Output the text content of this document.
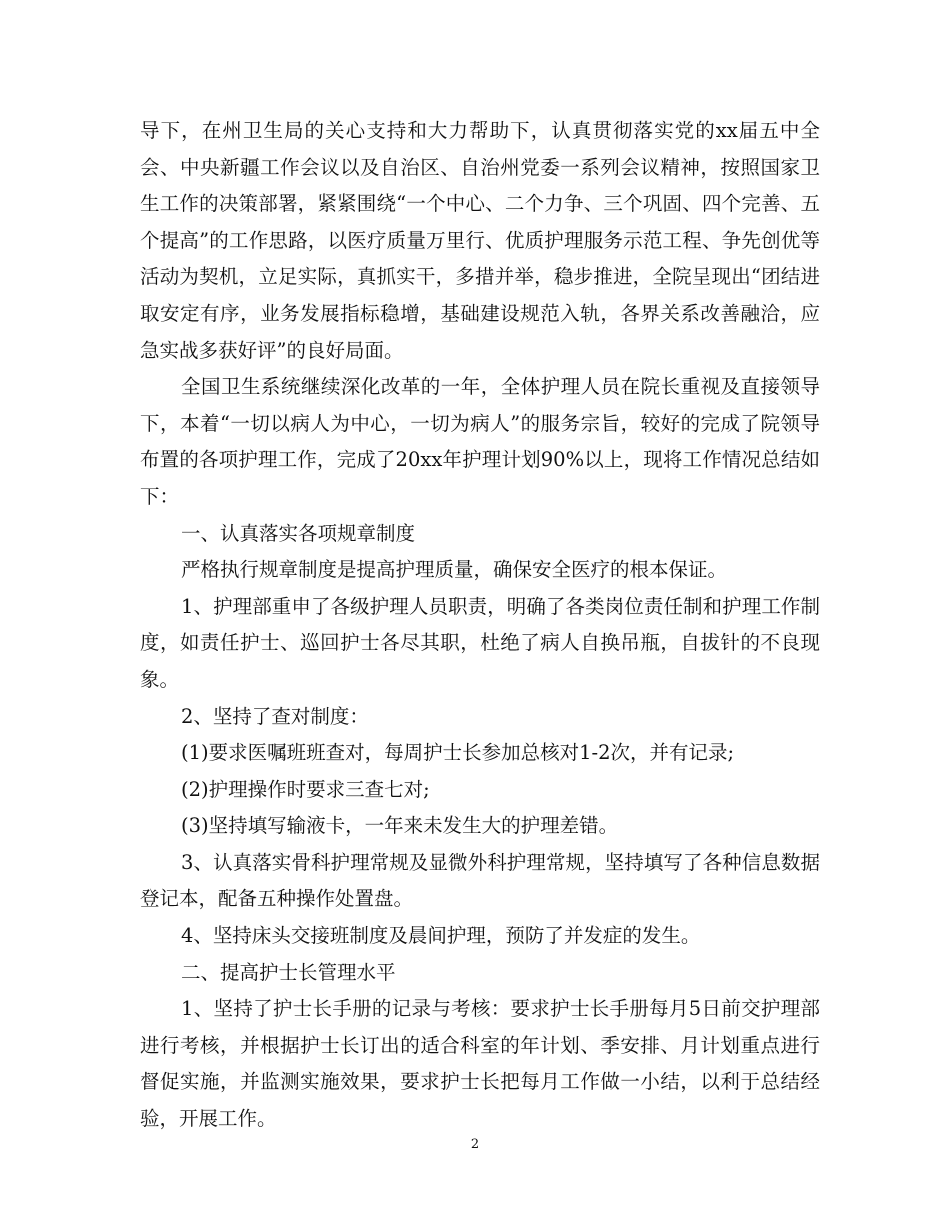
导下，在州卫生局的关心支持和大力帮助下，认真贯彻落实党的xx届五中全会、中央新疆工作会议以及自治区、自治州党委一系列会议精神，按照国家卫生工作的决策部署，紧紧围绕“一个中心、二个力争、三个巩固、四个完善、五个提高”的工作思路，以医疗质量万里行、优质护理服务示范工程、争先创优等活动为契机，立足实际，真抓实干，多措并举，稳步推进，全院呈现出“团结进取安定有序，业务发展指标稳增，基础建设规范入轨，各界关系改善融洽，应急实战多获好评”的良好局面。

全国卫生系统继续深化改革的一年，全体护理人员在院长重视及直接领导下，本着“一切以病人为中心，一切为病人”的服务宗旨，较好的完成了院领导布置的各项护理工作，完成了20xx年护理计划90%以上，现将工作情况总结如下：

一、认真落实各项规章制度

严格执行规章制度是提高护理质量，确保安全医疗的根本保证。

1、护理部重申了各级护理人员职责，明确了各类岗位责任制和护理工作制度，如责任护士、巡回护士各尽其职，杜绝了病人自换吊瓶，自拔针的不良现象。

2、坚持了查对制度：

(1)要求医嘱班班查对，每周护士长参加总核对1-2次，并有记录;

(2)护理操作时要求三查七对;

(3)坚持填写输液卡，一年来未发生大的护理差错。

3、认真落实骨科护理常规及显微外科护理常规，坚持填写了各种信息数据登记本，配备五种操作处置盘。

4、坚持床头交接班制度及晨间护理，预防了并发症的发生。

二、提高护士长管理水平

1、坚持了护士长手册的记录与考核：要求护士长手册每月5日前交护理部进行考核，并根据护士长订出的适合科室的年计划、季安排、月计划重点进行督促实施，并监测实施效果，要求护士长把每月工作做一小结，以利于总结经验，开展工作。

2
